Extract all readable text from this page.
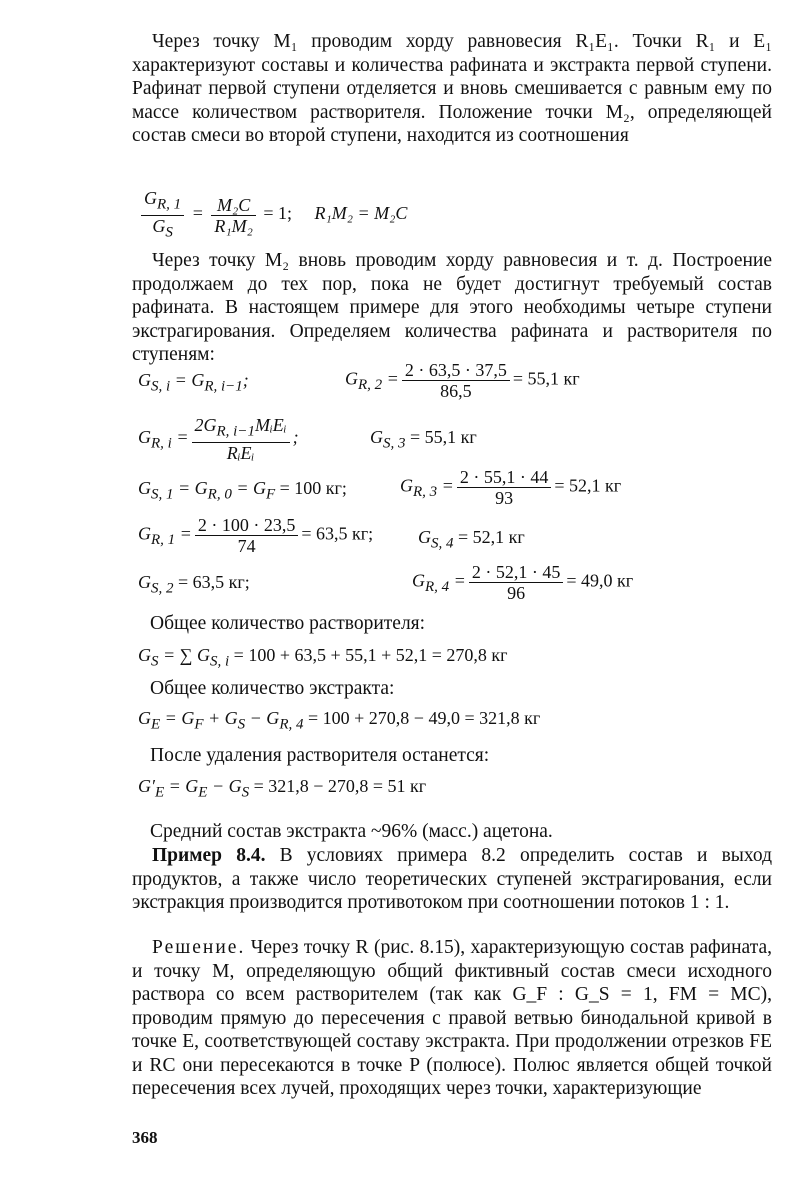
Через точку M₁ проводим хорду равновесия R₁E₁. Точки R₁ и E₁ характеризуют составы и количества рафината и экстракта первой ступени. Рафинат первой ступени отделяется и вновь смешивается с равным ему по массе количеством растворителя. Положение точки M₂, определяющей состав смеси во второй ступени, находится из соотношения
$\frac{G_{R, 1}}{G_S} = \frac{\text{M₂C}}{\text{R₁M₂}} = 1$; R₁M₂ = M₂C
Через точку M₂ вновь проводим хорду равновесия и т. д. Построение продолжаем до тех пор, пока не будет достигнут требуемый состав рафината. В настоящем примере для этого необходимы четыре ступени экстрагирования. Определяем количества рафината и растворителя по ступеням:
$G_{S, i} = G_{R, i-1}$;	$G_{R, 2} = \frac{2 \cdot 63,5 \cdot 37,5}{86,5} = 55,1$ кг
$G_{R, i} = \frac{2G_{R, i-1}MᵢEᵢ}{\text{RᵢEᵢ}}$ ;	$G_{S, 3} = 55,1$ кг
$G_{S, 1} = G_{R, 0} = G_F = 100$ кг;	$G_{R, 3} = \frac{2 \cdot 55,1 \cdot 44}{93} = 52,1$ кг
$G_{R, 1} = \frac{2 \cdot 100 \cdot 23,5}{74} = 63,5$ кг; $G_{S, 4} = 52,1$ кг
$G_{S, 2} = 63,5$ кг;	$G_{R, 4} = \frac{2 \cdot 52,1 \cdot 45}{96} = 49,0$ кг
Общее количество растворителя:
$G_S$ = ∑ $G_{S, i} = 100 + 63,5 + 55,1 + 52,1 = 270,8$ кг
Общее количество экстракта:
$G_E = G_F + G_S - G_{R, 4} = 100 + 270,8 - 49,0 = 321,8$ кг
После удаления растворителя останется:
$G'_E = G_E - G_S = 321,8 - 270,8 = 51$ кг
Средний состав экстракта ~96% (масс.) ацетона.
Пример 8.4. В условиях примера 8.2 определить состав и выход продуктов, а также число теоретических ступеней экстрагирования, если экстракция производится противотоком при соотношении потоков 1 : 1.
Решение. Через точку R (рис. 8.15), характеризующую состав рафината, и точку M, определяющую общий фиктивный состав смеси исходного раствора со всем растворителем (так как G_F : G_S = 1, FM = MC), проводим прямую до пересечения с правой ветвью бинодальной кривой в точке E, соответствующей составу экстракта. При продолжении отрезков FE и RC они пересекаются в точке P (полюсе). Полюс является общей точкой пересечения всех лучей, проходящих через точки, характеризующие
368
